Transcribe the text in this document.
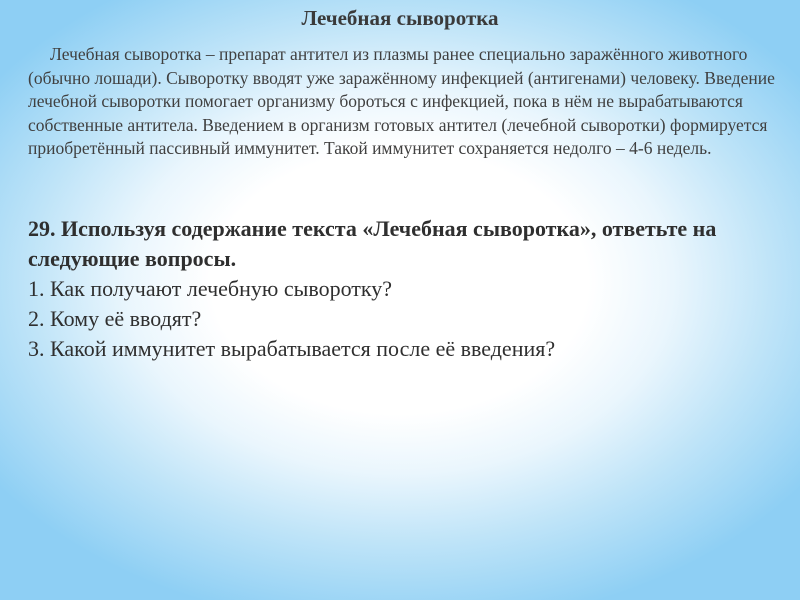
Лечебная сыворотка
Лечебная сыворотка – препарат антител из плазмы ранее специально заражённого животного (обычно лошади). Сыворотку вводят уже заражённому инфекцией (антигенами) человеку. Введение лечебной сыворотки помогает организму бороться с инфекцией, пока в нём не вырабатываются собственные антитела. Введением в организм готовых антител (лечебной сыворотки) формируется приобретённый пассивный иммунитет. Такой иммунитет сохраняется недолго – 4-6 недель.
29. Используя содержание текста «Лечебная сыворотка», ответьте на следующие вопросы.
1. Как получают лечебную сыворотку?
2. Кому её вводят?
3. Какой иммунитет вырабатывается после её введения?
